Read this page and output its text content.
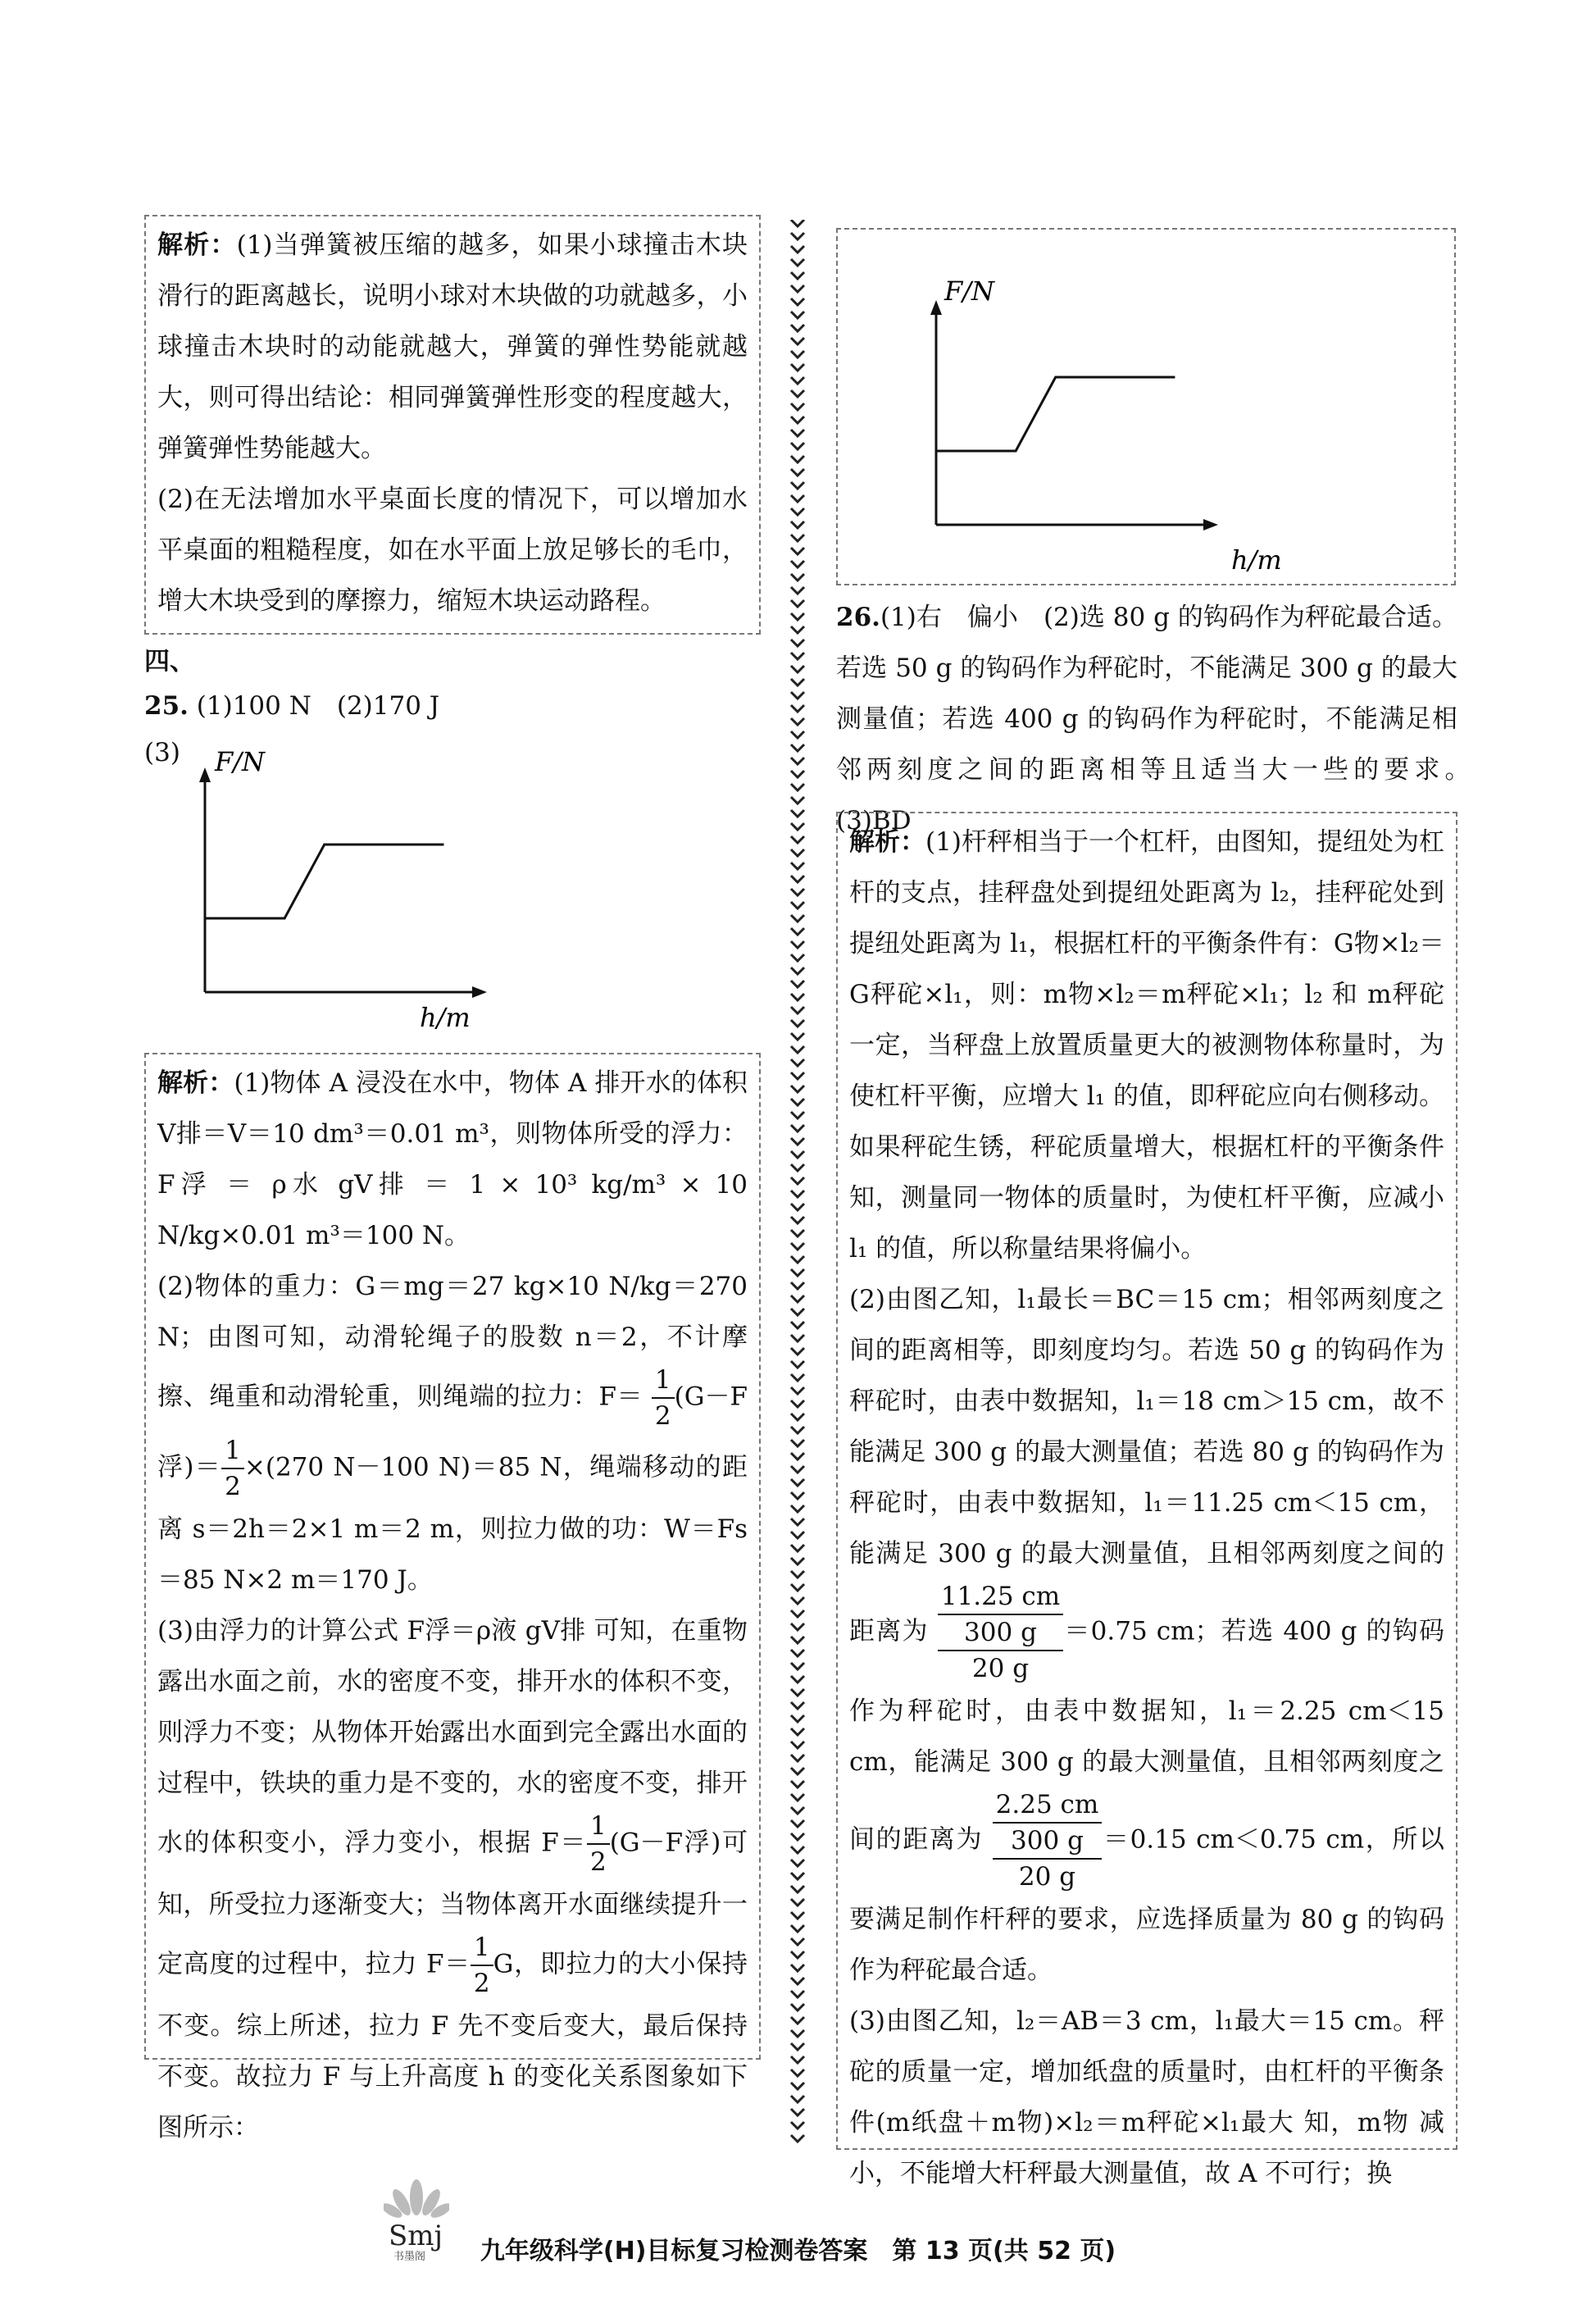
解析：(1)当弹簧被压缩的越多，如果小球撞击木块滑行的距离越长，说明小球对木块做的功就越多，小球撞击木块时的动能就越大，弹簧的弹性势能就越大，则可得出结论：相同弹簧弹性形变的程度越大，弹簧弹性势能越大。

(2)在无法增加水平桌面长度的情况下，可以增加水平桌面的粗糙程度，如在水平面上放足够长的毛巾，增大木块受到的摩擦力，缩短木块运动路程。

四、
25. (1)100 N　(2)170 J
(3) F/N
h/m

解析：(1)物体 A 浸没在水中，物体 A 排开水的体积 V排＝V＝10 dm³＝0.01 m³，则物体所受的浮力：F浮 ＝ ρ水 gV排 ＝ 1 × 10³ kg/m³ × 10 N/kg×0.01 m³＝100 N。

(2)物体的重力：G＝mg＝27 kg×10 N/kg＝270 N；由图可知，动滑轮绳子的股数 n＝2，不计摩擦、绳重和动滑轮重，则绳端的拉力：$F= \frac{1}{2} (G-F$浮)＝ $\frac{1}{2} \times(270$ N－100 N)＝85 N，绳端移动的距离 s＝2h＝2×1 m＝2 m，则拉力做的功：W＝Fs＝85 N×2 m＝170 J。

(3)由浮力的计算公式 F浮＝ρ液 gV排 可知，在重物露出水面之前，水的密度不变，排开水的体积不变，则浮力不变；从物体开始露出水面到完全露出水面的过程中，铁块的重力是不变的，水的密度不变，排开水的体积变小，浮力变小，根据 $F= \frac{1}{2} (G-F$浮)可知，所受拉力逐渐变大；当物体离开水面继续提升一定高度的过程中，拉力 $F= \frac{1}{2}$ G，即拉力的大小保持不变。综上所述，拉力 F 先不变后变大，最后保持不变。故拉力 F 与上升高度 h 的变化关系图象如下图所示：

F/N
h/m
26.(1)右　偏小　(2)选 80 g 的钩码作为秤砣最合适。若选 50 g 的钩码作为秤砣时，不能满足 300 g 的最大测量值；若选 400 g 的钩码作为秤砣时，不能满足相邻两刻度之间的距离相等且适当大一些的要求。　(3)BD

解析：(1)杆秤相当于一个杠杆，由图知，提纽处为杠杆的支点，挂秤盘处到提纽处距离为 l₂，挂秤砣处到提纽处距离为 l₁，根据杠杆的平衡条件有：G物×l₂＝G秤砣×l₁，则：m物×l₂＝m秤砣×l₁；l₂ 和 m秤砣 一定，当秤盘上放置质量更大的被测物体称量时，为使杠杆平衡，应增大 l₁ 的值，即秤砣应向右侧移动。如果秤砣生锈，秤砣质量增大，根据杠杆的平衡条件知，测量同一物体的质量时，为使杠杆平衡，应减小 l₁ 的值，所以称量结果将偏小。

(2)由图乙知，l₁最长＝BC＝15 cm；相邻两刻度之间的距离相等，即刻度均匀。若选 50 g 的钩码作为秤砣时，由表中数据知，l₁＝18 cm＞15 cm，故不能满足 300 g 的最大测量值；若选 80 g 的钩码作为秤砣时，由表中数据知，l₁＝11.25 cm＜15 cm，能满足 300 g 的最大测量值，且相邻两刻度之间的距离为
11.25 cm
300 g
20 g
＝0.75 cm；若选 400 g 的钩码作为秤砣时，由表中数据知，l₁＝2.25 cm＜15 cm，能满足 300 g 的最大测量值，且相邻两刻度之间的距离为
2.25 cm
300 g
20 g
＝0.15 cm＜0.75 cm，所以要满足制作杆秤的要求，应选择质量为 80 g 的钩码作为秤砣最合适。

(3)由图乙知，l₂＝AB＝3 cm，l₁最大＝15 cm。秤砣的质量一定，增加纸盘的质量时，由杠杆的平衡条件(m纸盘＋m物)×l₂＝m秤砣×l₁最大 知，m物 减小，不能增大杆秤最大测量值，故 A 不可行；换

Smj
书墨阁	九年级科学(H)目标复习检测卷答案　第 13 页(共 52 页)
